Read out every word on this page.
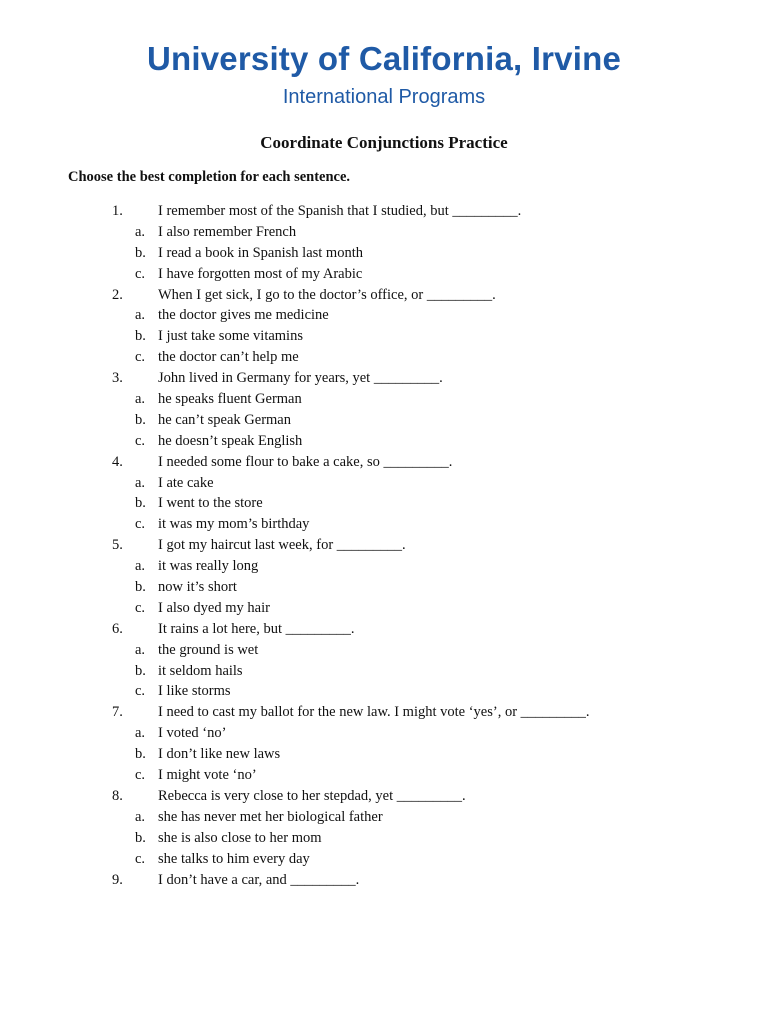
University of California, Irvine
International Programs
Coordinate Conjunctions Practice
Choose the best completion for each sentence.
1. I remember most of the Spanish that I studied, but _________.
a. I also remember French
b. I read a book in Spanish last month
c. I have forgotten most of my Arabic
2. When I get sick, I go to the doctor’s office, or _________.
a. the doctor gives me medicine
b. I just take some vitamins
c. the doctor can’t help me
3. John lived in Germany for years, yet _________.
a. he speaks fluent German
b. he can’t speak German
c. he doesn’t speak English
4. I needed some flour to bake a cake, so _________.
a. I ate cake
b. I went to the store
c. it was my mom’s birthday
5. I got my haircut last week, for _________.
a. it was really long
b. now it’s short
c. I also dyed my hair
6. It rains a lot here, but _________.
a. the ground is wet
b. it seldom hails
c. I like storms
7. I need to cast my ballot for the new law. I might vote ‘yes’, or _________.
a. I voted ‘no’
b. I don’t like new laws
c. I might vote ‘no’
8. Rebecca is very close to her stepdad, yet _________.
a. she has never met her biological father
b. she is also close to her mom
c. she talks to him every day
9. I don’t have a car, and _________.
